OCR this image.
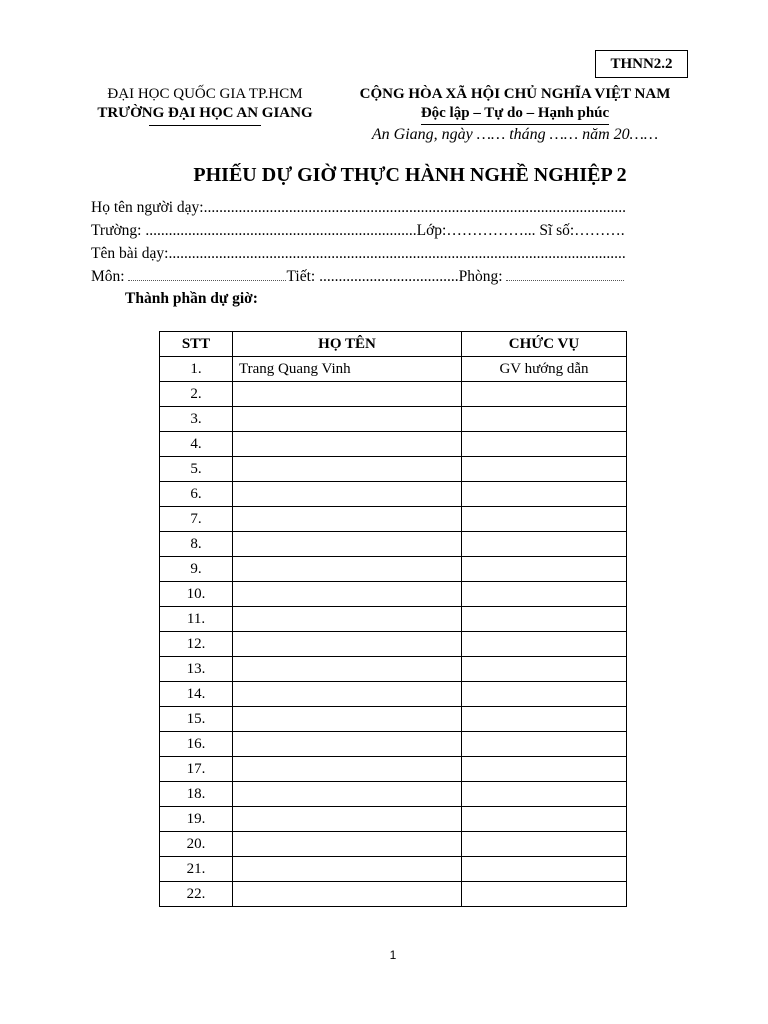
THNN2.2
ĐẠI HỌC QUỐC GIA TP.HCM
TRƯỜNG ĐẠI HỌC AN GIANG
CỘNG HÒA XÃ HỘI CHỦ NGHĨA VIỆT NAM
Độc lập – Tự do – Hạnh phúc
An Giang, ngày …… tháng …… năm 20……
PHIẾU DỰ GIỜ THỰC HÀNH NGHỀ NGHIỆP 2
Họ tên người dạy:.............................................................................................................
Trường: ......................................................................Lớp:……………... Sĩ số:……….
Tên bài dạy:......................................................................................................................
Môn:	Tiết: ....................................Phòng:
Thành phần dự giờ:
STT	HỌ TÊN	CHỨC VỤ
1.	Trang Quang Vinh	GV hướng dẫn
2.		
3.		
4.		
5.		
6.		
7.		
8.		
9.		
10.		
11.		
12.		
13.		
14.		
15.		
16.		
17.		
18.		
19.		
20.		
21.		
22.		
1
